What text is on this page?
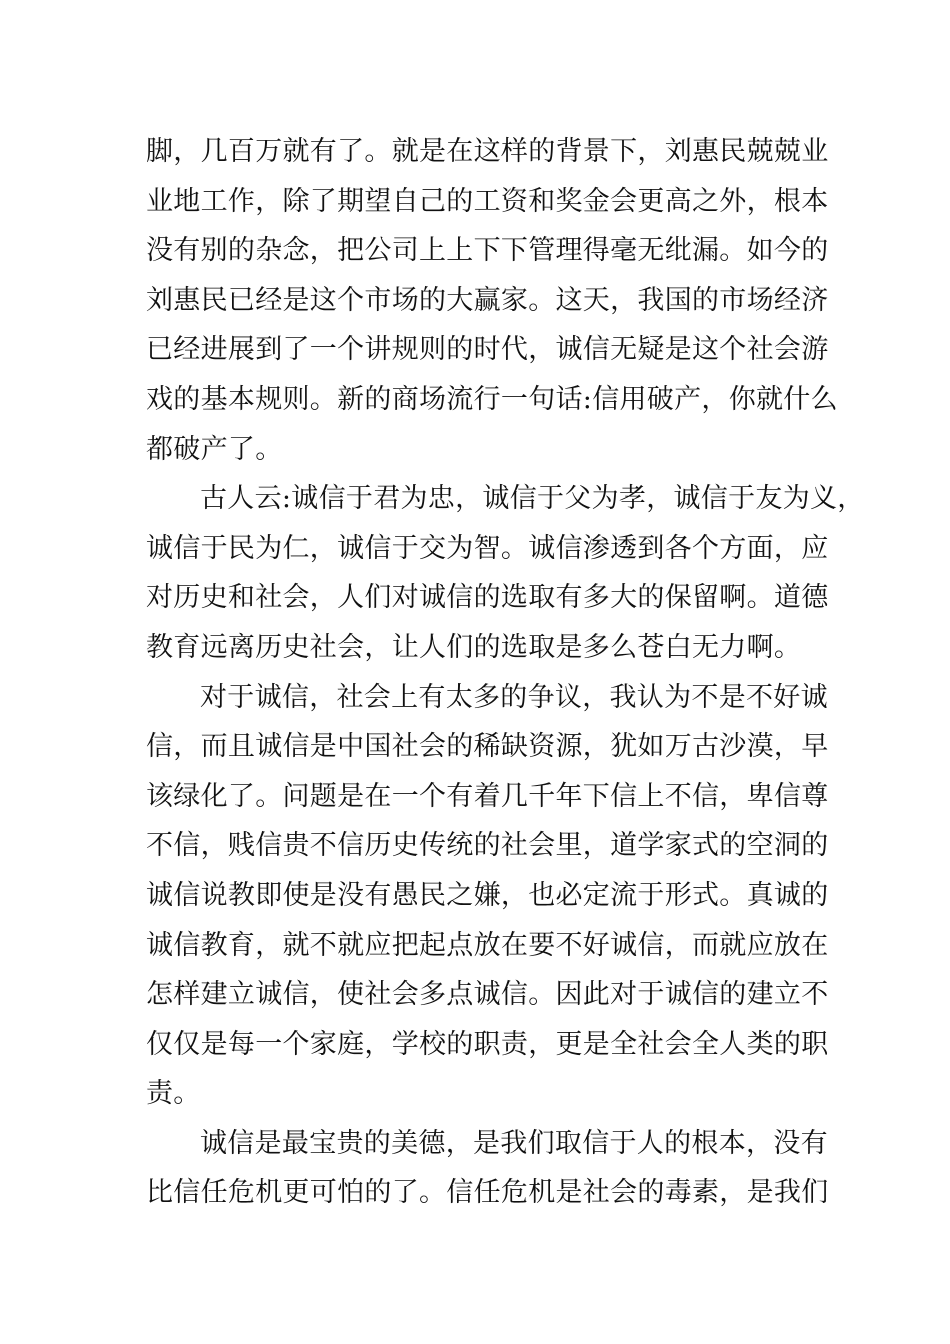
脚，几百万就有了。就是在这样的背景下，刘惠民兢兢业
业地工作，除了期望自己的工资和奖金会更高之外，根本
没有别的杂念，把公司上上下下管理得毫无纰漏。如今的
刘惠民已经是这个市场的大赢家。这天，我国的市场经济
已经进展到了一个讲规则的时代，诚信无疑是这个社会游
戏的基本规则。新的商场流行一句话:信用破产，你就什么
都破产了。
古人云:诚信于君为忠，诚信于父为孝，诚信于友为义，
诚信于民为仁，诚信于交为智。诚信渗透到各个方面，应
对历史和社会，人们对诚信的选取有多大的保留啊。道德
教育远离历史社会，让人们的选取是多么苍白无力啊。
对于诚信，社会上有太多的争议，我认为不是不好诚
信，而且诚信是中国社会的稀缺资源，犹如万古沙漠，早
该绿化了。问题是在一个有着几千年下信上不信，卑信尊
不信，贱信贵不信历史传统的社会里，道学家式的空洞的
诚信说教即使是没有愚民之嫌，也必定流于形式。真诚的
诚信教育，就不就应把起点放在要不好诚信，而就应放在
怎样建立诚信，使社会多点诚信。因此对于诚信的建立不
仅仅是每一个家庭，学校的职责，更是全社会全人类的职
责。
诚信是最宝贵的美德，是我们取信于人的根本，没有
比信任危机更可怕的了。信任危机是社会的毒素，是我们
